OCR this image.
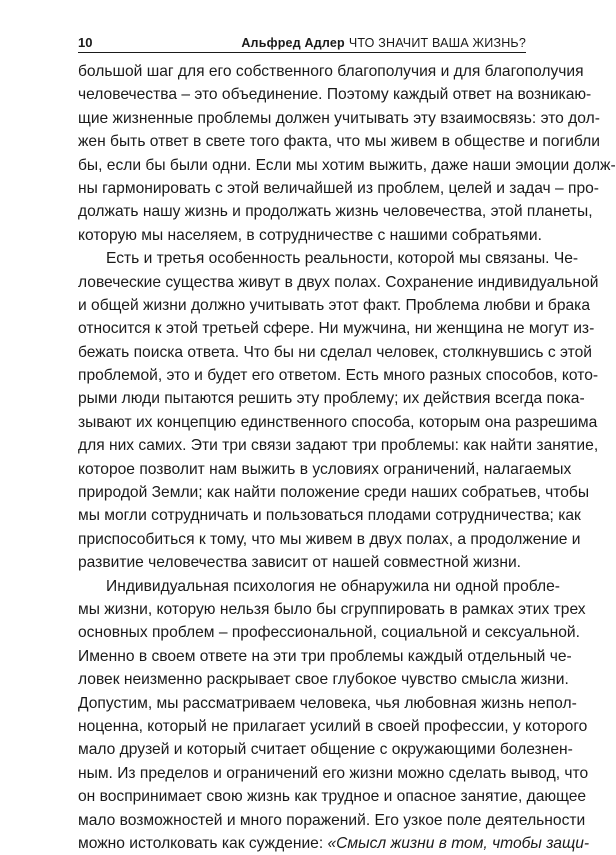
10	Альфред Адлер ЧТО ЗНАЧИТ ВАША ЖИЗНЬ?
большой шаг для его собственного благополучия и для благополучия
человечества – это объединение. Поэтому каждый ответ на возникаю-
щие жизненные проблемы должен учитывать эту взаимосвязь: это дол-
жен быть ответ в свете того факта, что мы живем в обществе и погибли
бы, если бы были одни. Если мы хотим выжить, даже наши эмоции долж-
ны гармонировать с этой величайшей из проблем, целей и задач – про-
должать нашу жизнь и продолжать жизнь человечества, этой планеты,
которую мы населяем, в сотрудничестве с нашими собратьями.
Есть и третья особенность реальности, которой мы связаны. Че-
ловеческие существа живут в двух полах. Сохранение индивидуальной
и общей жизни должно учитывать этот факт. Проблема любви и брака
относится к этой третьей сфере. Ни мужчина, ни женщина не могут из-
бежать поиска ответа. Что бы ни сделал человек, столкнувшись с этой
проблемой, это и будет его ответом. Есть много разных способов, кото-
рыми люди пытаются решить эту проблему; их действия всегда пока-
зывают их концепцию единственного способа, которым она разрешима
для них самих. Эти три связи задают три проблемы: как найти занятие,
которое позволит нам выжить в условиях ограничений, налагаемых
природой Земли; как найти положение среди наших собратьев, чтобы
мы могли сотрудничать и пользоваться плодами сотрудничества; как
приспособиться к тому, что мы живем в двух полах, а продолжение и
развитие человечества зависит от нашей совместной жизни.
Индивидуальная психология не обнаружила ни одной пробле-
мы жизни, которую нельзя было бы сгруппировать в рамках этих трех
основных проблем – профессиональной, социальной и сексуальной.
Именно в своем ответе на эти три проблемы каждый отдельный че-
ловек неизменно раскрывает свое глубокое чувство смысла жизни.
Допустим, мы рассматриваем человека, чья любовная жизнь непол-
ноценна, который не прилагает усилий в своей профессии, у которого
мало друзей и который считает общение с окружающими болезнен-
ным. Из пределов и ограничений его жизни можно сделать вывод, что
он воспринимает свою жизнь как трудное и опасное занятие, дающее
мало возможностей и много поражений. Его узкое поле деятельности
можно истолковать как суждение: «Смысл жизни в том, чтобы защи-
